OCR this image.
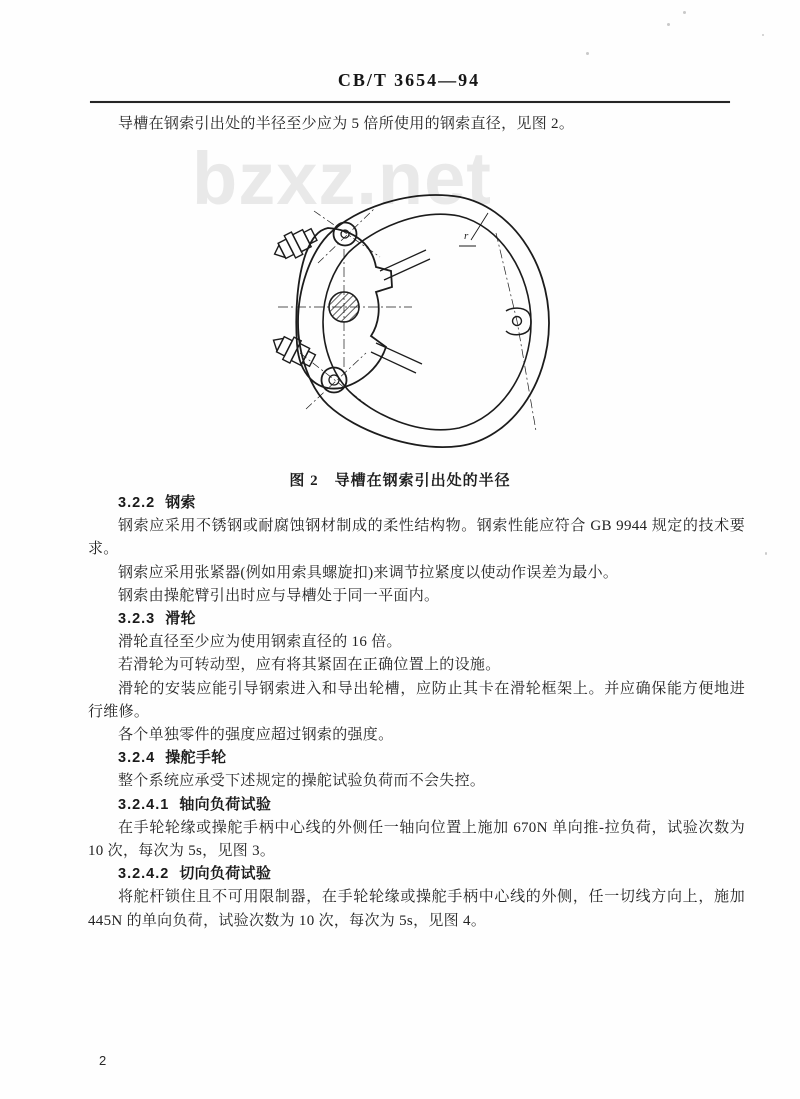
CB/T 3654—94
导槽在钢索引出处的半径至少应为 5 倍所使用的钢索直径，见图 2。
bzxz.net
r
图 2　导槽在钢索引出处的半径

3.2.2 钢索

钢索应采用不锈钢或耐腐蚀钢材制成的柔性结构物。钢索性能应符合 GB 9944 规定的技术要求。

钢索应采用张紧器(例如用索具螺旋扣)来调节拉紧度以使动作误差为最小。

钢索由操舵臂引出时应与导槽处于同一平面内。

3.2.3 滑轮

滑轮直径至少应为使用钢索直径的 16 倍。

若滑轮为可转动型，应有将其紧固在正确位置上的设施。

滑轮的安装应能引导钢索进入和导出轮槽，应防止其卡在滑轮框架上。并应确保能方便地进行维修。

各个单独零件的强度应超过钢索的强度。

3.2.4 操舵手轮

整个系统应承受下述规定的操舵试验负荷而不会失控。

3.2.4.1 轴向负荷试验

在手轮轮缘或操舵手柄中心线的外侧任一轴向位置上施加 670N 单向推-拉负荷，试验次数为 10 次，每次为 5s，见图 3。

3.2.4.2 切向负荷试验

将舵杆锁住且不可用限制器，在手轮轮缘或操舵手柄中心线的外侧，任一切线方向上，施加 445N 的单向负荷，试验次数为 10 次，每次为 5s，见图 4。

2
